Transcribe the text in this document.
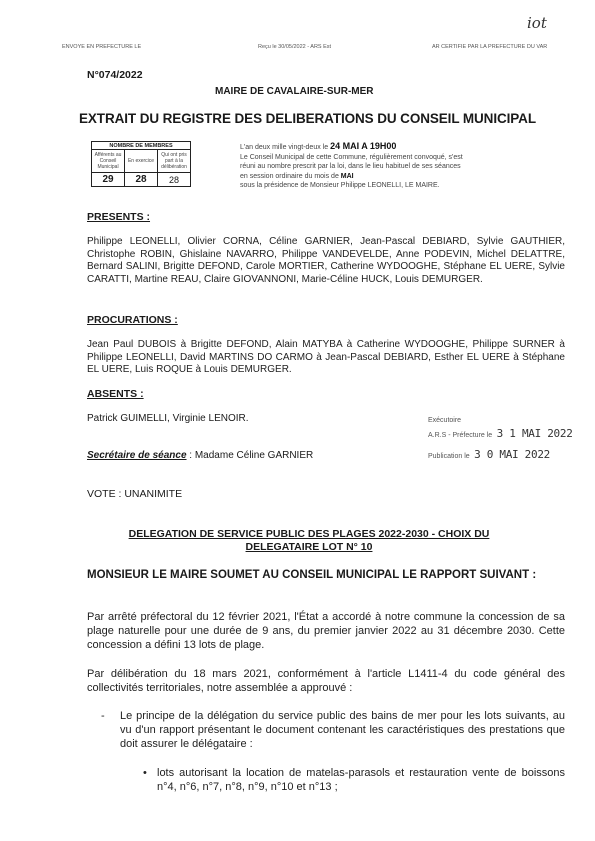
ENVOYE EN PREFECTURE LE	Reçu le 30/05/2022 - ARS Est	AR CERTIFIE PAR LA PREFECTURE DU VAR
iot
N°074/2022
MAIRE DE CAVALAIRE-SUR-MER
EXTRAIT DU REGISTRE DES DELIBERATIONS DU CONSEIL MUNICIPAL
NOMBRE DE MEMBRES		
Afférents au Conseil Municipal	En exercice	Qui ont pris part à la délibération
29	28	28
L'an deux mille vingt-deux le 24 MAI A 19H00
Le Conseil Municipal de cette Commune, régulièrement convoqué, s'est
réuni au nombre prescrit par la loi, dans le lieu habituel de ses séances
en session ordinaire du mois de MAI
sous la présidence de Monsieur Philippe LEONELLI, LE MAIRE.
PRESENTS :
Philippe LEONELLI, Olivier CORNA, Céline GARNIER, Jean-Pascal DEBIARD, Sylvie GAUTHIER, Christophe ROBIN, Ghislaine NAVARRO, Philippe VANDEVELDE, Anne PODEVIN, Michel DELATTRE, Bernard SALINI, Brigitte DEFOND, Carole MORTIER, Catherine WYDOOGHE, Stéphane EL UERE, Sylvie CARATTI, Martine REAU, Claire GIOVANNONI, Marie-Céline HUCK, Louis DEMURGER.
PROCURATIONS :
Jean Paul DUBOIS à Brigitte DEFOND, Alain MATYBA à Catherine WYDOOGHE, Philippe SURNER à Philippe LEONELLI, David MARTINS DO CARMO à Jean-Pascal DEBIARD, Esther EL UERE à Stéphane EL UERE, Luis ROQUE à Louis DEMURGER.
ABSENTS :
Patrick GUIMELLI, Virginie LENOIR.	Exécutoire
A.R.S - Préfecture le 3 1 MAI 2022
Publication le 3 0 MAI 2022
Secrétaire de séance : Madame Céline GARNIER
VOTE : UNANIMITE
DELEGATION DE SERVICE PUBLIC DES PLAGES 2022-2030 - CHOIX DU DELEGATAIRE LOT N° 10
MONSIEUR LE MAIRE SOUMET AU CONSEIL MUNICIPAL LE RAPPORT SUIVANT :
Par arrêté préfectoral du 12 février 2021, l'État a accordé à notre commune la concession de sa plage naturelle pour une durée de 9 ans, du premier janvier 2022 au 31 décembre 2030. Cette concession a défini 13 lots de plage.
Par délibération du 18 mars 2021, conformément à l'article L1411-4 du code général des collectivités territoriales, notre assemblée a approuvé :
- Le principe de la délégation du service public des bains de mer pour les lots suivants, au vu d'un rapport présentant le document contenant les caractéristiques des prestations que doit assurer le délégataire :
• lots autorisant la location de matelas-parasols et restauration vente de boissons n°4, n°6, n°7, n°8, n°9, n°10 et n°13 ;
